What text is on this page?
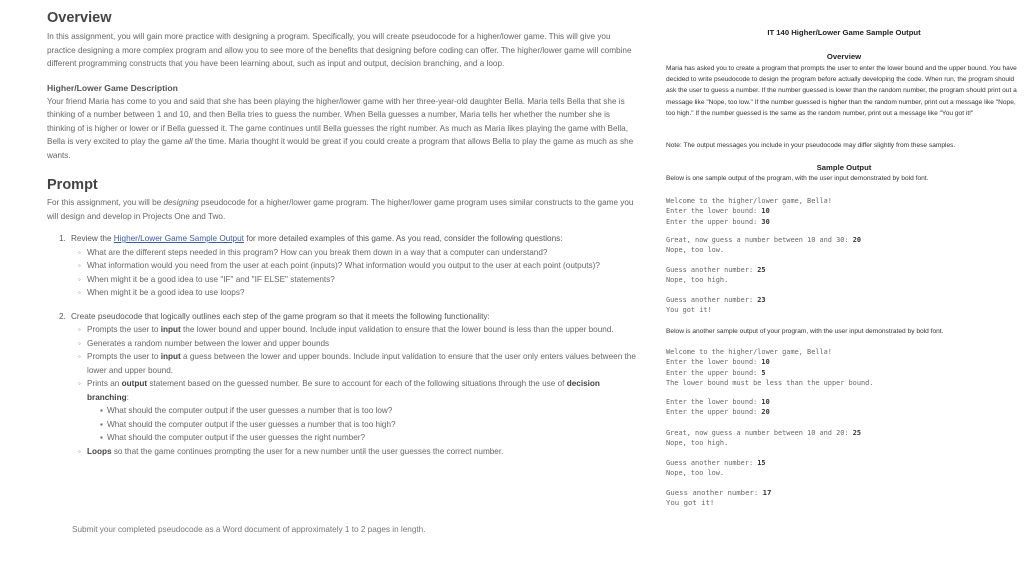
Overview

In this assignment, you will gain more practice with designing a program. Specifically, you will create pseudocode for a higher/lower game. This will give you practice designing a more complex program and allow you to see more of the benefits that designing before coding can offer. The higher/lower game will combine different programming constructs that you have been learning about, such as input and output, decision branching, and a loop.

Higher/Lower Game Description

Your friend Maria has come to you and said that she has been playing the higher/lower game with her three-year-old daughter Bella. Maria tells Bella that she is thinking of a number between 1 and 10, and then Bella tries to guess the number. When Bella guesses a number, Maria tells her whether the number she is thinking of is higher or lower or if Bella guessed it. The game continues until Bella guesses the right number. As much as Maria likes playing the game with Bella, Bella is very excited to play the game all the time. Maria thought it would be great if you could create a program that allows Bella to play the game as much as she wants.

Prompt

For this assignment, you will be designing pseudocode for a higher/lower game program. The higher/lower game program uses similar constructs to the game you will design and develop in Projects One and Two.

1. Review the Higher/Lower Game Sample Output for more detailed examples of this game. As you read, consider the following questions:
◦ What are the different steps needed in this program? How can you break them down in a way that a computer can understand?
◦ What information would you need from the user at each point (inputs)? What information would you output to the user at each point (outputs)?
◦ When might it be a good idea to use "IF" and "IF ELSE" statements?
◦ When might it be a good idea to use loops?
2. Create pseudocode that logically outlines each step of the game program so that it meets the following functionality:
◦ Prompts the user to input the lower bound and upper bound. Include input validation to ensure that the lower bound is less than the upper bound.
◦ Generates a random number between the lower and upper bounds
◦ Prompts the user to input a guess between the lower and upper bounds. Include input validation to ensure that the user only enters values between the lower and upper bound.
◦ Prints an output statement based on the guessed number. Be sure to account for each of the following situations through the use of decision branching:
▪ What should the computer output if the user guesses a number that is too low?
▪ What should the computer output if the user guesses a number that is too high?
▪ What should the computer output if the user guesses the right number?
◦ Loops so that the game continues prompting the user for a new number until the user guesses the correct number.
Submit your completed pseudocode as a Word document of approximately 1 to 2 pages in length.
IT 140 Higher/Lower Game Sample Output
Overview

Maria has asked you to create a program that prompts the user to enter the lower bound and the upper bound. You have decided to write pseudocode to design the program before actually developing the code. When run, the program should ask the user to guess a number. If the number guessed is lower than the random number, the program should print out a message like "Nope, too low." If the number guessed is higher than the random number, print out a message like "Nope, too high." If the number guessed is the same as the random number, print out a message like "You got it!"

Note: The output messages you include in your pseudocode may differ slightly from these samples.

Sample Output

Below is one sample output of the program, with the user input demonstrated by bold font.

Welcome to the higher/lower game, Bella!
Enter the lower bound: 10
Enter the upper bound: 30
Great, now guess a number between 10 and 30: 20
Nope, too low.
Guess another number: 25
Nope, too high.
Guess another number: 23
You got it!

Below is another sample output of your program, with the user input demonstrated by bold font.

Welcome to the higher/lower game, Bella!
Enter the lower bound: 10
Enter the upper bound: 5
The lower bound must be less than the upper bound.
Enter the lower bound: 10
Enter the upper bound: 20
Great, now guess a number between 10 and 20: 25
Nope, too high.
Guess another number: 15
Nope, too low.
Guess another number: 17
You got it!
